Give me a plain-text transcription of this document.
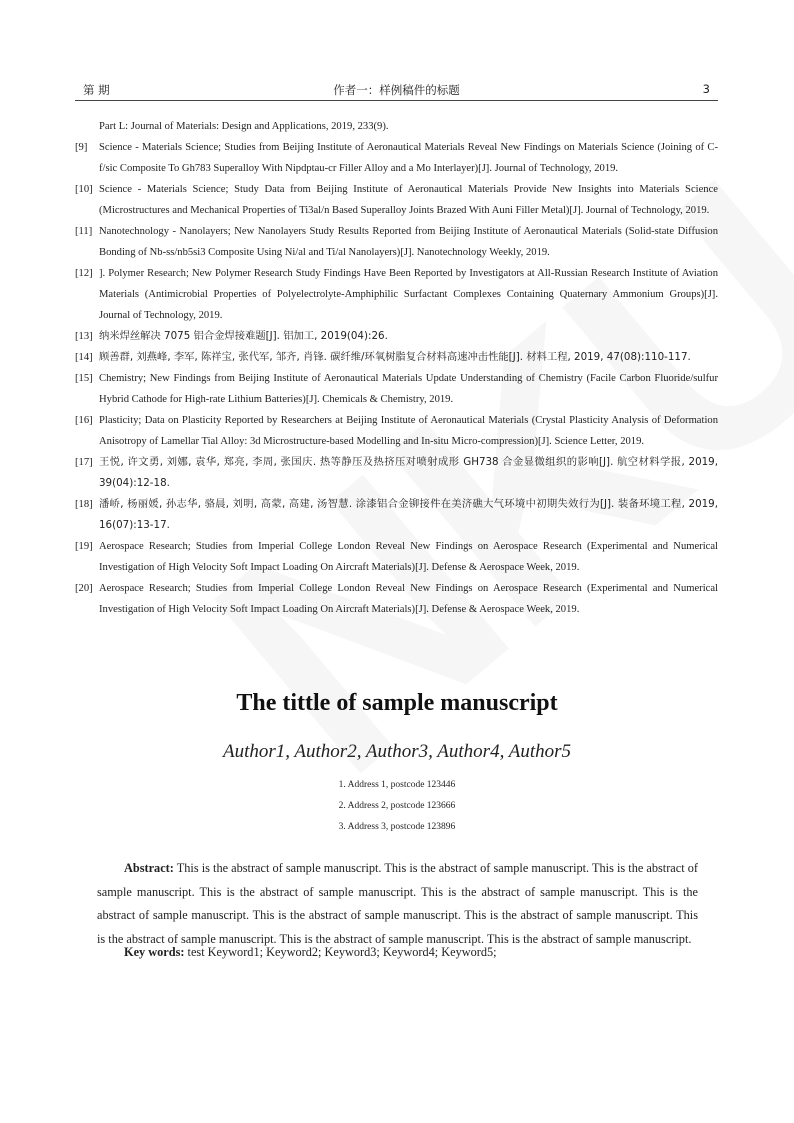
第 期	作者一：样例稿件的标题	3
Part L: Journal of Materials: Design and Applications, 2019, 233(9).
[9] Science - Materials Science; Studies from Beijing Institute of Aeronautical Materials Reveal New Findings on Materials Science (Joining of C-f/sic Composite To Gh783 Superalloy With Nipdptau-cr Filler Alloy and a Mo Interlayer)[J]. Journal of Technology, 2019.
[10] Science - Materials Science; Study Data from Beijing Institute of Aeronautical Materials Provide New Insights into Materials Science (Microstructures and Mechanical Properties of Ti3al/n Based Superalloy Joints Brazed With Auni Filler Metal)[J]. Journal of Technology, 2019.
[11] Nanotechnology - Nanolayers; New Nanolayers Study Results Reported from Beijing Institute of Aeronautical Materials (Solid-state Diffusion Bonding of Nb-ss/nb5si3 Composite Using Ni/al and Ti/al Nanolayers)[J]. Nanotechnology Weekly, 2019.
[12] ]. Polymer Research; New Polymer Research Study Findings Have Been Reported by Investigators at All-Russian Research Institute of Aviation Materials (Antimicrobial Properties of Polyelectrolyte-Amphiphilic Surfactant Complexes Containing Quaternary Ammonium Groups)[J]. Journal of Technology, 2019.
[13] 纳米焊丝解决 7075 铝合金焊接难题[J]. 铝加工, 2019(04):26.
[14] 顾善群, 刘燕峰, 李军, 陈祥宝, 张代军, 邹齐, 肖锋. 碳纤维/环氧树脂复合材料高速冲击性能[J]. 材料工程, 2019, 47(08):110-117.
[15] Chemistry; New Findings from Beijing Institute of Aeronautical Materials Update Understanding of Chemistry (Facile Carbon Fluoride/sulfur Hybrid Cathode for High-rate Lithium Batteries)[J]. Chemicals & Chemistry, 2019.
[16] Plasticity; Data on Plasticity Reported by Researchers at Beijing Institute of Aeronautical Materials (Crystal Plasticity Analysis of Deformation Anisotropy of Lamellar Tial Alloy: 3d Microstructure-based Modelling and In-situ Micro-compression)[J]. Science Letter, 2019.
[17] 王悦, 许文勇, 刘娜, 袁华, 郑亮, 李周, 张国庆. 热等静压及热挤压对喷射成形 GH738 合金显微组织的影响[J]. 航空材料学报, 2019, 39(04):12-18.
[18] 潘峤, 杨丽媛, 孙志华, 骆晨, 刘明, 高蒙, 高建, 汤智慧. 涂漆铝合金铆接件在美济礁大气环境中初期失效行为[J]. 装备环境工程, 2019, 16(07):13-17.
[19] Aerospace Research; Studies from Imperial College London Reveal New Findings on Aerospace Research (Experimental and Numerical Investigation of High Velocity Soft Impact Loading On Aircraft Materials)[J]. Defense & Aerospace Week, 2019.
[20] Aerospace Research; Studies from Imperial College London Reveal New Findings on Aerospace Research (Experimental and Numerical Investigation of High Velocity Soft Impact Loading On Aircraft Materials)[J]. Defense & Aerospace Week, 2019.
The tittle of sample manuscript
Author1, Author2, Author3, Author4, Author5
1. Address 1, postcode 123446
2. Address 2, postcode 123666
3. Address 3, postcode 123896
Abstract: This is the abstract of sample manuscript. This is the abstract of sample manuscript. This is the abstract of sample manuscript. This is the abstract of sample manuscript. This is the abstract of sample manuscript. This is the abstract of sample manuscript. This is the abstract of sample manuscript. This is the abstract of sample manuscript. This is the abstract of sample manuscript. This is the abstract of sample manuscript. This is the abstract of sample manuscript.
Key words: test Keyword1; Keyword2; Keyword3; Keyword4; Keyword5;
